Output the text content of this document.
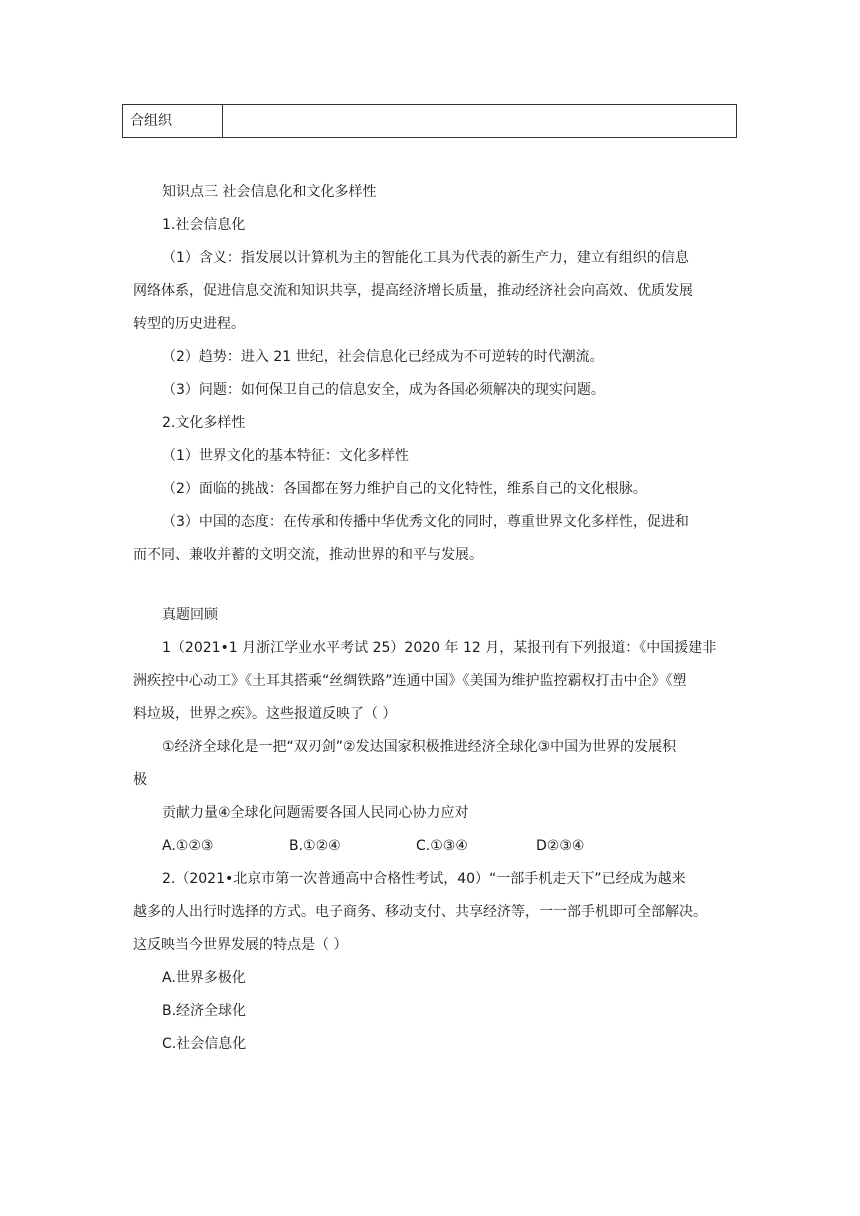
合组织

知识点三 社会信息化和文化多样性

1.社会信息化

（1）含义：指发展以计算机为主的智能化工具为代表的新生产力，建立有组织的信息

网络体系，促进信息交流和知识共享，提高经济增长质量，推动经济社会向高效、优质发展

转型的历史进程。

（2）趋势：进入 21 世纪，社会信息化已经成为不可逆转的时代潮流。

（3）问题：如何保卫自己的信息安全，成为各国必须解决的现实问题。

2.文化多样性

（1）世界文化的基本特征：文化多样性

（2）面临的挑战：各国都在努力维护自己的文化特性，维系自己的文化根脉。

（3）中国的态度：在传承和传播中华优秀文化的同时，尊重世界文化多样性，促进和

而不同、兼收并蓄的文明交流，推动世界的和平与发展。

真题回顾

1（2021•1 月浙江学业水平考试 25）2020 年 12 月，某报刊有下列报道：《中国援建非

洲疾控中心动工》《土耳其搭乘“丝绸铁路”连通中国》《美国为维护监控霸权打击中企》《塑

料垃圾，世界之疾》。这些报道反映了（ ）

①经济全球化是一把“双刃剑”②发达国家积极推进经济全球化③中国为世界的发展积

极

贡献力量④全球化问题需要各国人民同心协力应对

A.①②③	B.①②④	C.①③④	D②③④

2.（2021•北京市第一次普通高中合格性考试，40）“一部手机走天下”已经成为越来

越多的人出行时选择的方式。电子商务、移动支付、共享经济等，一一部手机即可全部解决。

这反映当今世界发展的特点是（ ）

A.世界多极化

B.经济全球化

C.社会信息化
